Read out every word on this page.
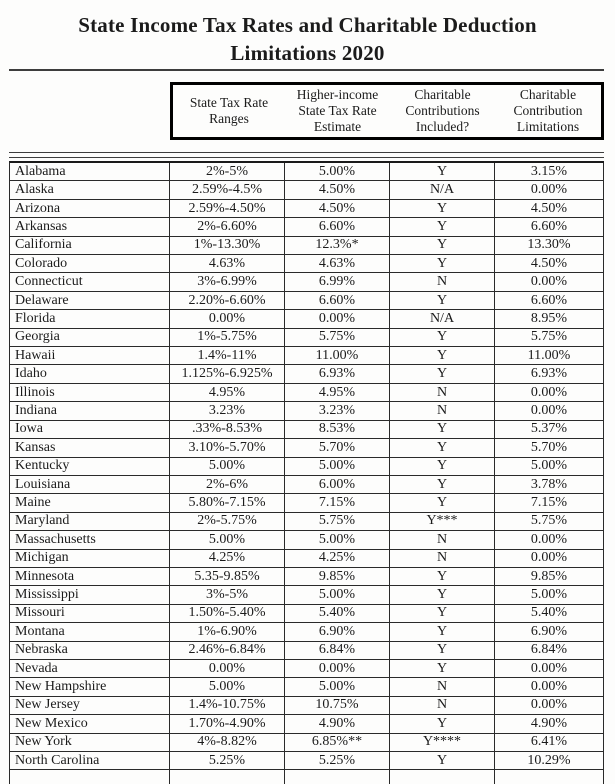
State Income Tax Rates and Charitable Deduction Limitations 2020
State Tax Rate Ranges
Higher-income State Tax Rate Estimate
Charitable Contributions Included?
Charitable Contribution Limitations
Alabama	2%-5%	5.00%	Y	3.15%
Alaska	2.59%-4.5%	4.50%	N/A	0.00%
Arizona	2.59%-4.50%	4.50%	Y	4.50%
Arkansas	2%-6.60%	6.60%	Y	6.60%
California	1%-13.30%	12.3%*	Y	13.30%
Colorado	4.63%	4.63%	Y	4.50%
Connecticut	3%-6.99%	6.99%	N	0.00%
Delaware	2.20%-6.60%	6.60%	Y	6.60%
Florida	0.00%	0.00%	N/A	8.95%
Georgia	1%-5.75%	5.75%	Y	5.75%
Hawaii	1.4%-11%	11.00%	Y	11.00%
Idaho	1.125%-6.925%	6.93%	Y	6.93%
Illinois	4.95%	4.95%	N	0.00%
Indiana	3.23%	3.23%	N	0.00%
Iowa	.33%-8.53%	8.53%	Y	5.37%
Kansas	3.10%-5.70%	5.70%	Y	5.70%
Kentucky	5.00%	5.00%	Y	5.00%
Louisiana	2%-6%	6.00%	Y	3.78%
Maine	5.80%-7.15%	7.15%	Y	7.15%
Maryland	2%-5.75%	5.75%	Y***	5.75%
Massachusetts	5.00%	5.00%	N	0.00%
Michigan	4.25%	4.25%	N	0.00%
Minnesota	5.35-9.85%	9.85%	Y	9.85%
Mississippi	3%-5%	5.00%	Y	5.00%
Missouri	1.50%-5.40%	5.40%	Y	5.40%
Montana	1%-6.90%	6.90%	Y	6.90%
Nebraska	2.46%-6.84%	6.84%	Y	6.84%
Nevada	0.00%	0.00%	Y	0.00%
New Hampshire	5.00%	5.00%	N	0.00%
New Jersey	1.4%-10.75%	10.75%	N	0.00%
New Mexico	1.70%-4.90%	4.90%	Y	4.90%
New York	4%-8.82%	6.85%**	Y****	6.41%
North Carolina	5.25%	5.25%	Y	10.29%
